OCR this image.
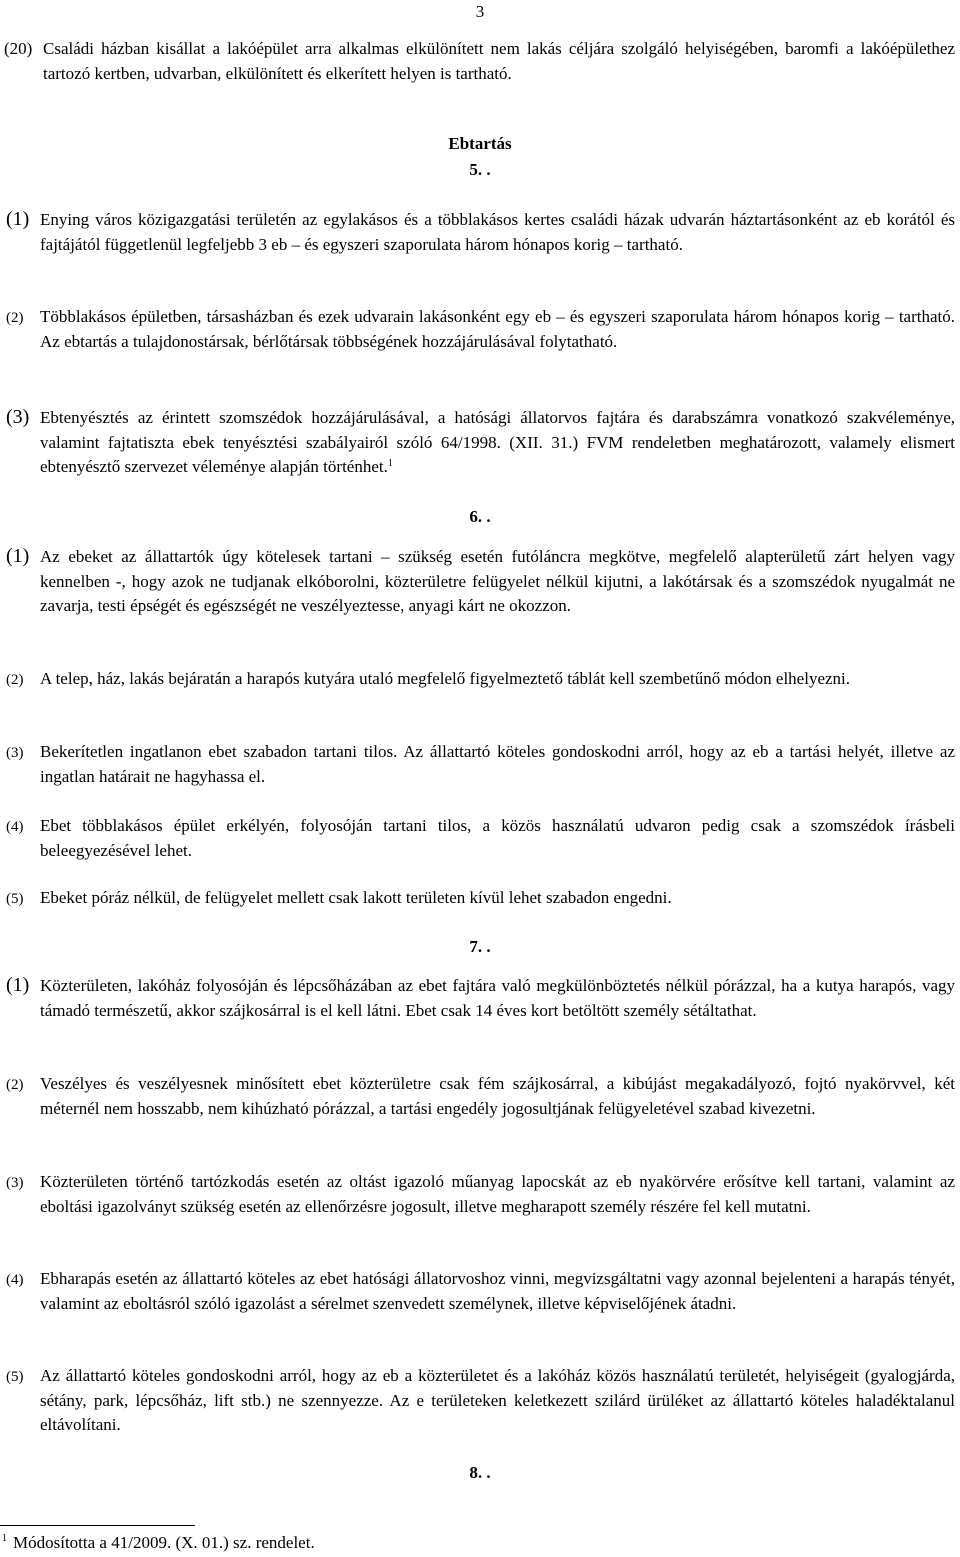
3
(20) Családi házban kisállat a lakóépület arra alkalmas elkülönített nem lakás céljára szolgáló helyiségében, baromfi a lakóépülethez tartozó kertben, udvarban, elkülönített és elkerített helyen is tartható.
Ebtartás
5. .
(1) Enying város közigazgatási területén az egylakásos és a többlakásos kertes családi házak udvarán háztartásonként az eb korától és fajtájától függetlenül legfeljebb 3 eb – és egyszeri szaporulata három hónapos korig – tartható.
(2) Többlakásos épületben, társasházban és ezek udvarain lakásonként egy eb – és egyszeri szaporulata három hónapos korig – tartható. Az ebtartás a tulajdonostársak, bérlőtársak többségének hozzájárulásával folytatható.
(3) Ebtenyésztés az érintett szomszédok hozzájárulásával, a hatósági állatorvos fajtára és darabszámra vonatkozó szakvéleménye, valamint fajtatiszta ebek tenyésztési szabályairól szóló 64/1998. (XII. 31.) FVM rendeletben meghatározott, valamely elismert ebtenyésztő szervezet véleménye alapján történhet.$^1$
6. .
(1) Az ebeket az állattartók úgy kötelesek tartani – szükség esetén futóláncra megkötve, megfelelő alapterületű zárt helyen vagy kennelben -, hogy azok ne tudjanak elkóborolni, közterületre felügyelet nélkül kijutni, a lakótársak és a szomszédok nyugalmát ne zavarja, testi épségét és egészségét ne veszélyeztesse, anyagi kárt ne okozzon.
(2) A telep, ház, lakás bejáratán a harapós kutyára utaló megfelelő figyelmeztető táblát kell szembetűnő módon elhelyezni.
(3) Bekerítetlen ingatlanon ebet szabadon tartani tilos. Az állattartó köteles gondoskodni arról, hogy az eb a tartási helyét, illetve az ingatlan határait ne hagyhassa el.
(4) Ebet többlakásos épület erkélyén, folyosóján tartani tilos, a közös használatú udvaron pedig csak a szomszédok írásbeli beleegyezésével lehet.
(5) Ebeket póráz nélkül, de felügyelet mellett csak lakott területen kívül lehet szabadon engedni.
7. .
(1) Közterületen, lakóház folyosóján és lépcsőházában az ebet fajtára való megkülönböztetés nélkül pórázzal, ha a kutya harapós, vagy támadó természetű, akkor szájkosárral is el kell látni. Ebet csak 14 éves kort betöltött személy sétáltathat.
(2) Veszélyes és veszélyesnek minősített ebet közterületre csak fém szájkosárral, a kibújást megakadályozó, fojtó nyakörvvel, két méternél nem hosszabb, nem kihúzható pórázzal, a tartási engedély jogosultjának felügyeletével szabad kivezetni.
(3) Közterületen történő tartózkodás esetén az oltást igazoló műanyag lapocskát az eb nyakörvére erősítve kell tartani, valamint az eboltási igazolványt szükség esetén az ellenőrzésre jogosult, illetve megharapott személy részére fel kell mutatni.
(4) Ebharapás esetén az állattartó köteles az ebet hatósági állatorvoshoz vinni, megvizsgáltatni vagy azonnal bejelenteni a harapás tényét, valamint az eboltásról szóló igazolást a sérelmet szenvedett személynek, illetve képviselőjének átadni.
(5) Az állattartó köteles gondoskodni arról, hogy az eb a közterületet és a lakóház közös használatú területét, helyiségeit (gyalogjárda, sétány, park, lépcsőház, lift stb.) ne szennyezze. Az e területeken keletkezett szilárd ürüléket az állattartó köteles haladéktalanul eltávolítani.
8. .
$^1$ Módosította a 41/2009. (X. 01.) sz. rendelet.
